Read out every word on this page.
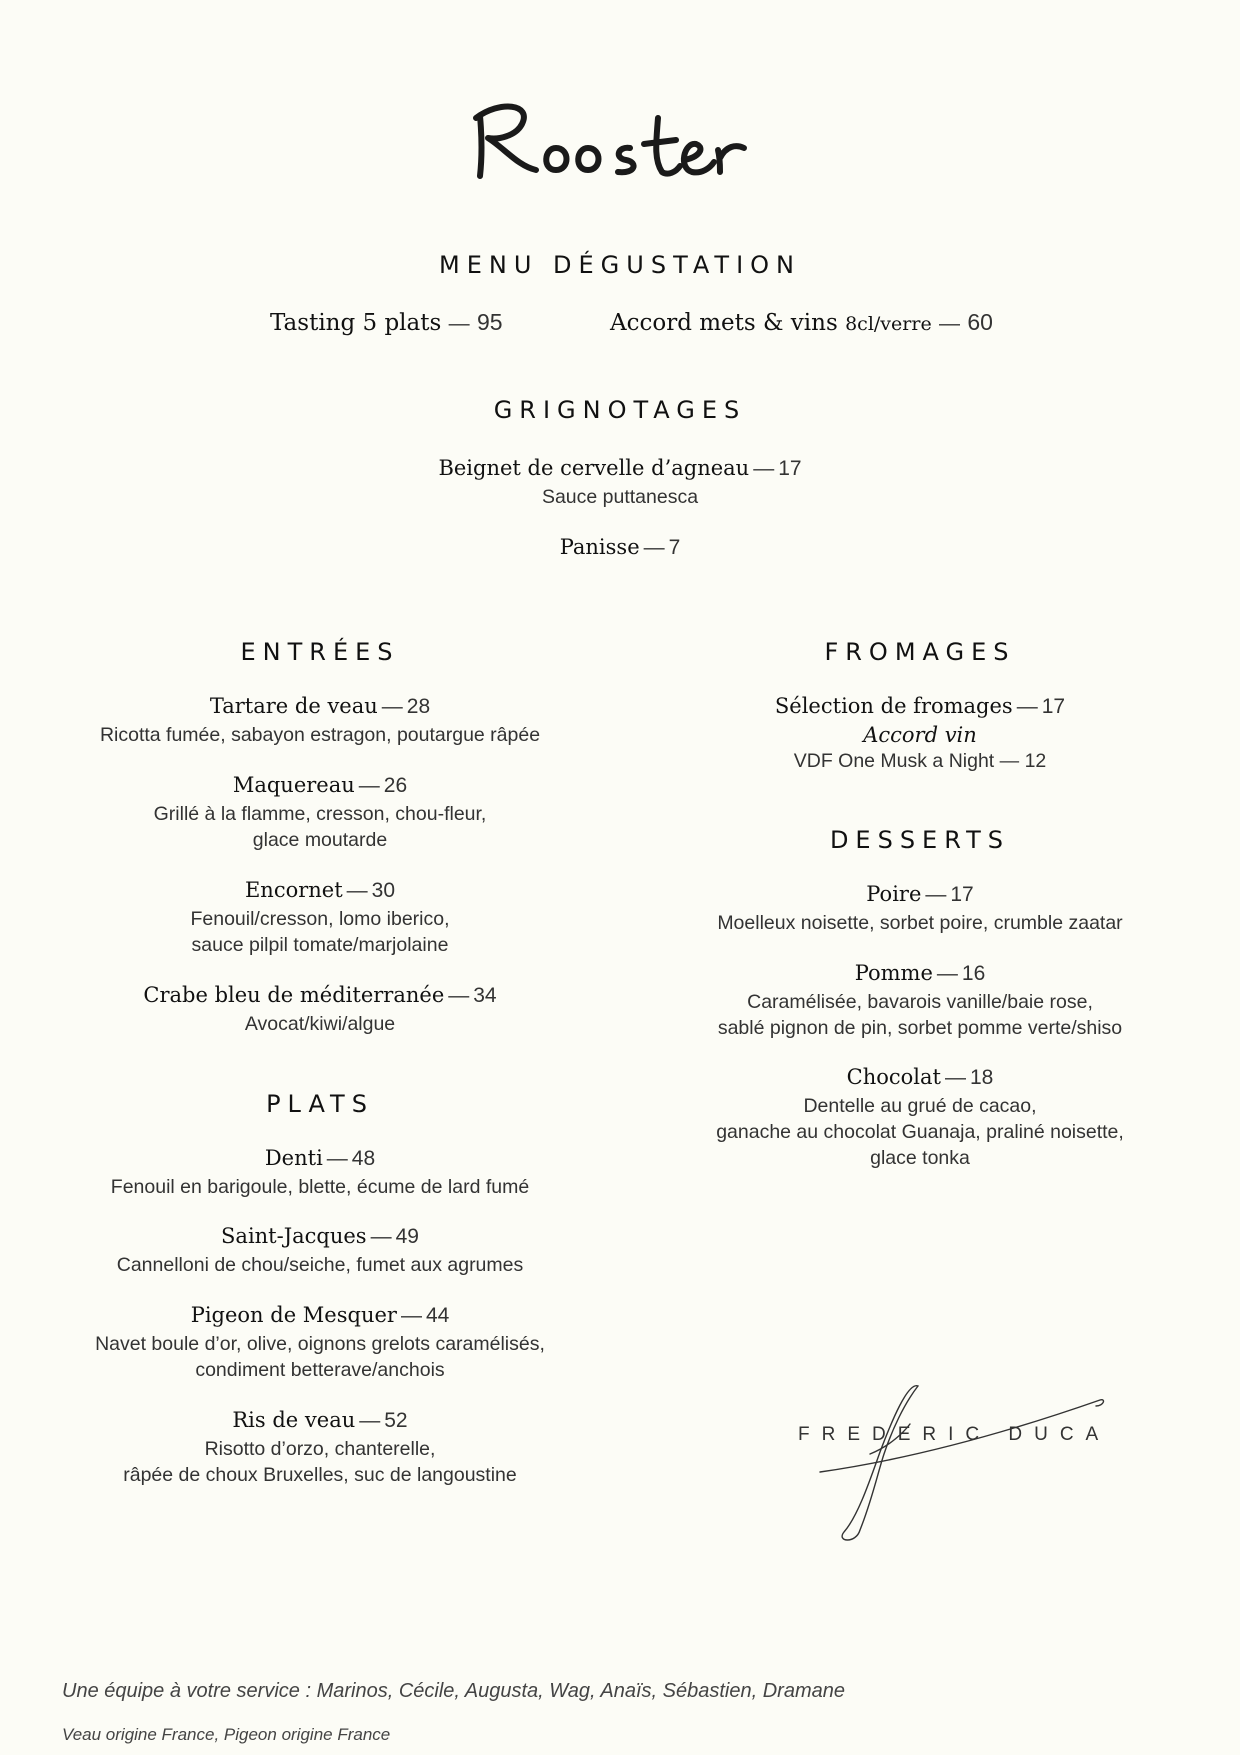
MENU DÉGUSTATION
Tasting 5 plats — 95	Accord mets & vins 8cl/verre — 60
GRIGNOTAGES
Beignet de cervelle d’agneau — 17
Sauce puttanesca
Panisse — 7
ENTRÉES
Tartare de veau — 28
Ricotta fumée, sabayon estragon, poutargue râpée
Maquereau — 26
Grillé à la flamme, cresson, chou-fleur,
glace moutarde
Encornet — 30
Fenouil/cresson, lomo iberico,
sauce pilpil tomate/marjolaine
Crabe bleu de méditerranée — 34
Avocat/kiwi/algue
PLATS
Denti — 48
Fenouil en barigoule, blette, écume de lard fumé
Saint-Jacques — 49
Cannelloni de chou/seiche, fumet aux agrumes
Pigeon de Mesquer — 44
Navet boule d’or, olive, oignons grelots caramélisés,
condiment betterave/anchois
Ris de veau — 52
Risotto d’orzo, chanterelle,
râpée de choux Bruxelles, suc de langoustine
FROMAGES
Sélection de fromages — 17
Accord vin
VDF One Musk a Night — 12
DESSERTS
Poire — 17
Moelleux noisette, sorbet poire, crumble zaatar
Pomme — 16
Caramélisée, bavarois vanille/baie rose,
sablé pignon de pin, sorbet pomme verte/shiso
Chocolat — 18
Dentelle au grué de cacao,
ganache au chocolat Guanaja, praliné noisette,
glace tonka
FREDERIC DUCA
Une équipe à votre service : Marinos, Cécile, Augusta, Wag, Anaïs, Sébastien, Dramane
Veau origine France, Pigeon origine France
